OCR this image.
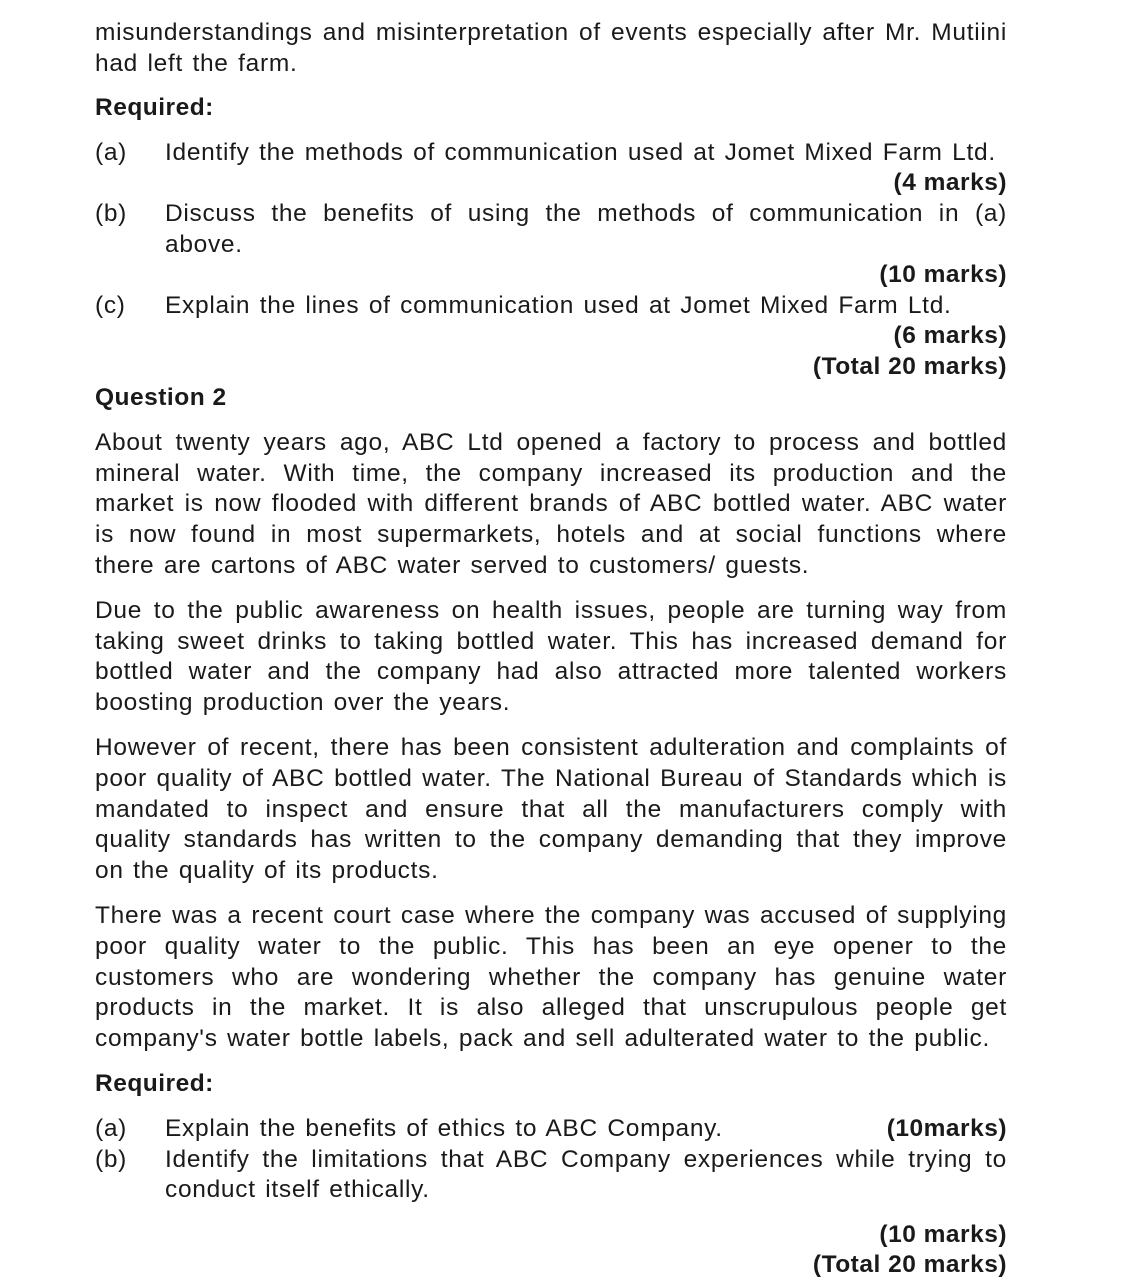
misunderstandings and misinterpretation of events especially after Mr. Mutiini had left the farm.

Required:

(a)	Identify the methods of communication used at Jomet Mixed Farm Ltd.
(4 marks)
(b)	Discuss the benefits of using the methods of communication in (a) above.
(10 marks)
(c)	Explain the lines of communication used at Jomet Mixed Farm Ltd.
(6 marks)
(Total 20 marks)

Question 2

About twenty years ago, ABC Ltd opened a factory to process and bottled mineral water. With time, the company increased its production and the market is now flooded with different brands of ABC bottled water. ABC water is now found in most supermarkets, hotels and at social functions where there are cartons of ABC water served to customers/ guests.

Due to the public awareness on health issues, people are turning way from taking sweet drinks to taking bottled water. This has increased demand for bottled water and the company had also attracted more talented workers boosting production over the years.

However of recent, there has been consistent adulteration and complaints of poor quality of ABC bottled water. The National Bureau of Standards which is mandated to inspect and ensure that all the manufacturers comply with quality standards has written to the company demanding that they improve on the quality of its products.

There was a recent court case where the company was accused of supplying poor quality water to the public. This has been an eye opener to the customers who are wondering whether the company has genuine water products in the market. It is also alleged that unscrupulous people get company's water bottle labels, pack and sell adulterated water to the public.

Required:

(a)	Explain the benefits of ethics to ABC Company.	(10marks)
(b)	Identify the limitations that ABC Company experiences while trying to conduct itself ethically.
(10 marks)
(Total 20 marks)
